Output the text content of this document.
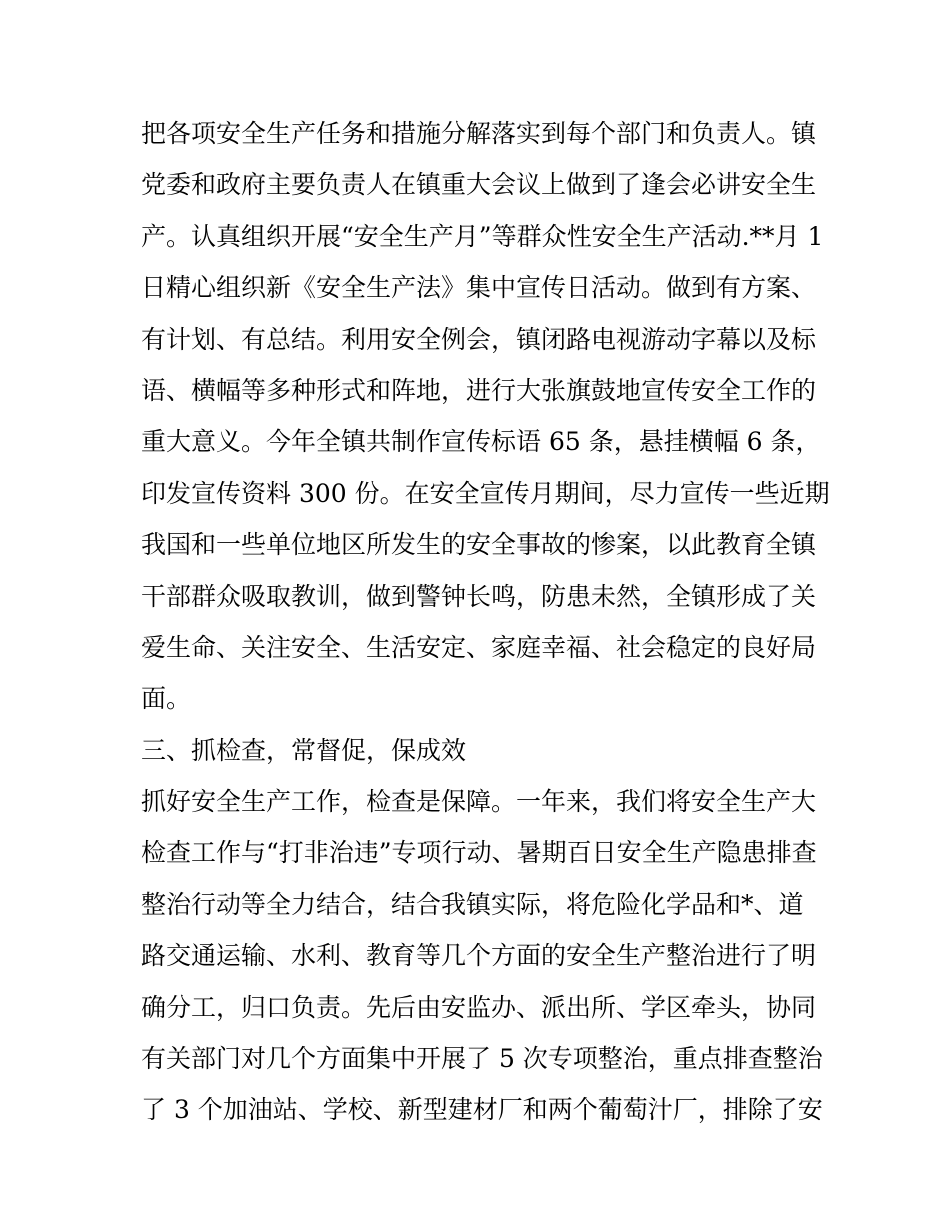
把各项安全生产任务和措施分解落实到每个部门和负责人。镇
党委和政府主要负责人在镇重大会议上做到了逢会必讲安全生
产。认真组织开展“安全生产月”等群众性安全生产活动.**月 1
日精心组织新《安全生产法》集中宣传日活动。做到有方案、
有计划、有总结。利用安全例会，镇闭路电视游动字幕以及标
语、横幅等多种形式和阵地，进行大张旗鼓地宣传安全工作的
重大意义。今年全镇共制作宣传标语 65 条，悬挂横幅 6 条，
印发宣传资料 300 份。在安全宣传月期间，尽力宣传一些近期
我国和一些单位地区所发生的安全事故的惨案，以此教育全镇
干部群众吸取教训，做到警钟长鸣，防患未然，全镇形成了关
爱生命、关注安全、生活安定、家庭幸福、社会稳定的良好局
面。
三、抓检查，常督促，保成效
抓好安全生产工作，检查是保障。一年来，我们将安全生产大
检查工作与“打非治违”专项行动、暑期百日安全生产隐患排查
整治行动等全力结合，结合我镇实际，将危险化学品和*、道
路交通运输、水利、教育等几个方面的安全生产整治进行了明
确分工，归口负责。先后由安监办、派出所、学区牵头，协同
有关部门对几个方面集中开展了 5 次专项整治，重点排查整治
了 3 个加油站、学校、新型建材厂和两个葡萄汁厂，排除了安
